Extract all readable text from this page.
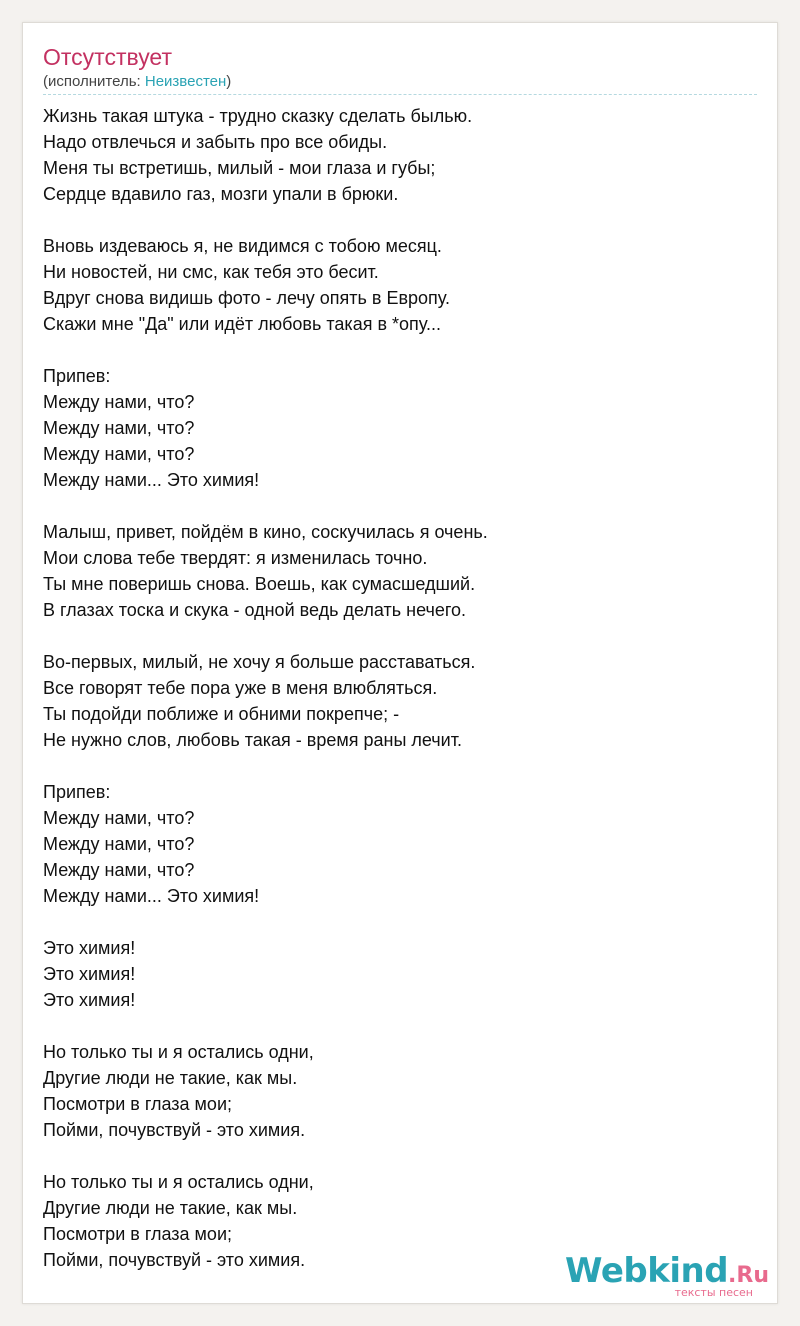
Отсутствует
(исполнитель: Неизвестен)
Жизнь такая штука - трудно сказку сделать былью.
Надо отвлечься и забыть про все обиды.
Меня ты встретишь, милый - мои глаза и губы;
Сердце вдавило газ, мозги упали в брюки.
Вновь издеваюсь я, не видимся с тобою месяц.
Ни новостей, ни смс, как тебя это бесит.
Вдруг снова видишь фото - лечу опять в Европу.
Скажи мне "Да" или идёт любовь такая в *опу...
Припев:
Между нами, что?
Между нами, что?
Между нами, что?
Между нами... Это химия!
Малыш, привет, пойдём в кино, соскучилась я очень.
Мои слова тебе твердят: я изменилась точно.
Ты мне поверишь снова. Воешь, как сумасшедший.
В глазах тоска и скука - одной ведь делать нечего.
Во-первых, милый, не хочу я больше расставаться.
Все говорят тебе пора уже в меня влюбляться.
Ты подойди поближе и обними покрепче; -
Не нужно слов, любовь такая - время раны лечит.
Припев:
Между нами, что?
Между нами, что?
Между нами, что?
Между нами... Это химия!
Это химия!
Это химия!
Это химия!
Но только ты и я остались одни,
Другие люди не такие, как мы.
Посмотри в глаза мои;
Пойми, почувствуй - это химия.
Но только ты и я остались одни,
Другие люди не такие, как мы.
Посмотри в глаза мои;
Пойми, почувствуй - это химия.	Webkind.Ru
тексты песен
